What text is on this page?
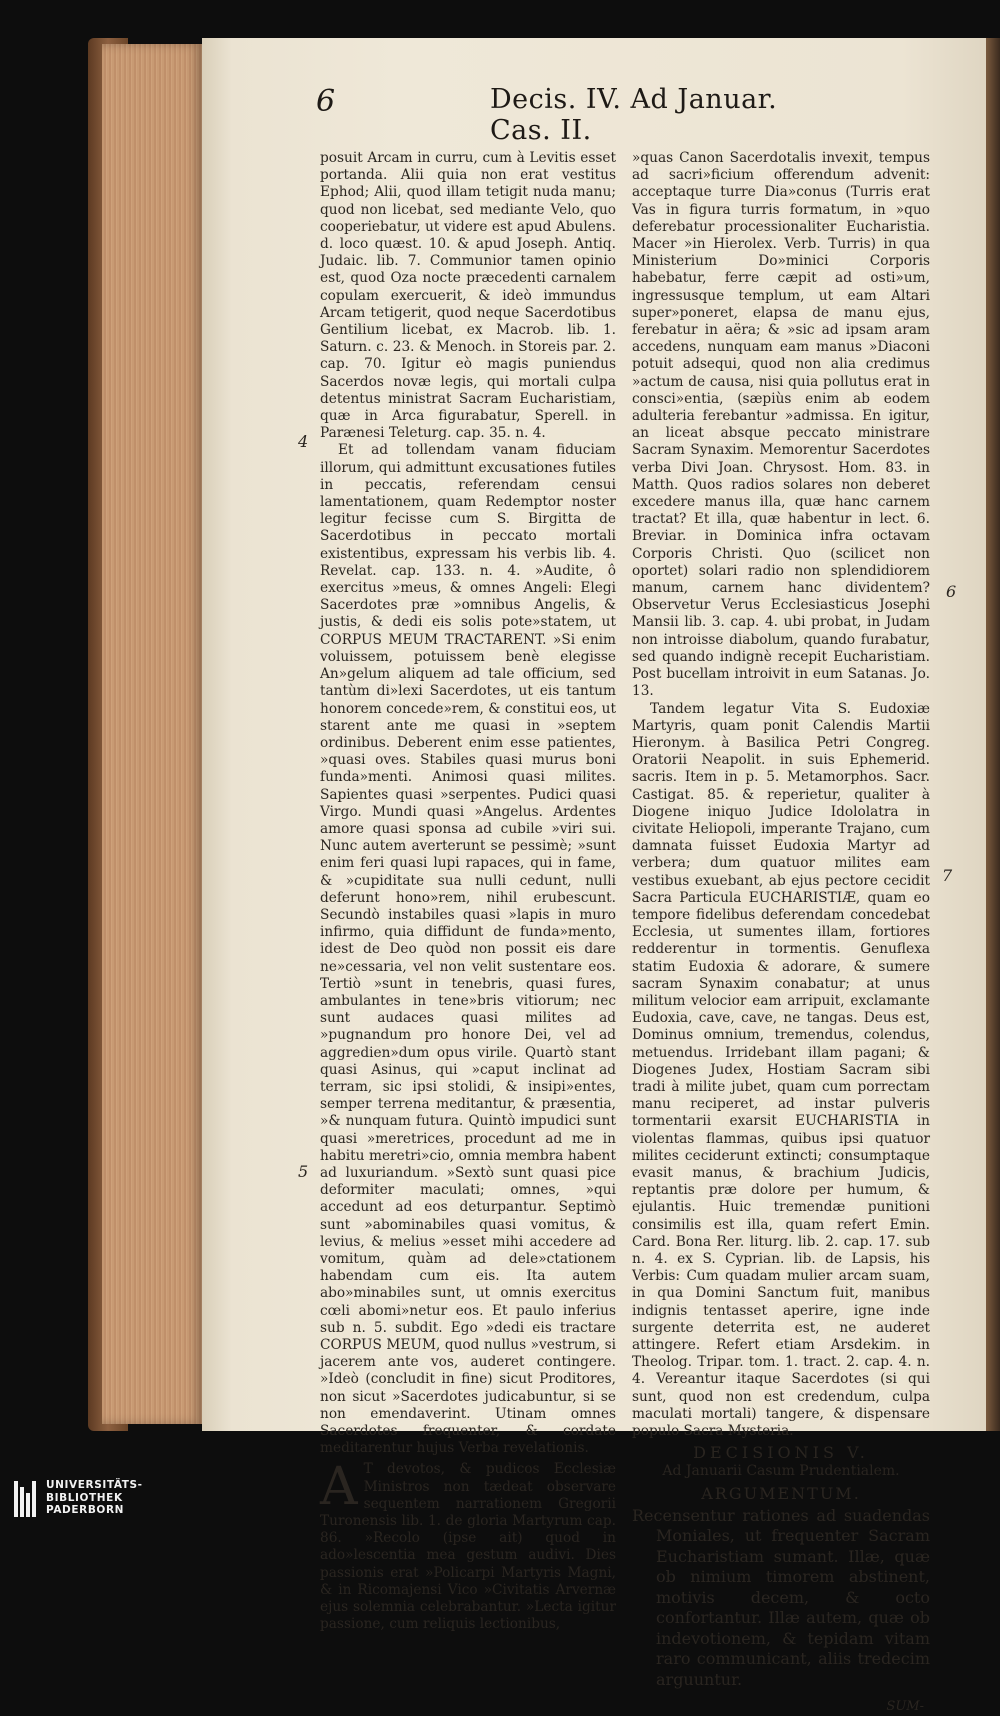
6	Decis. IV. Ad Januar. Cas. II.
4
5
6
7

posuit Arcam in curru, cum à Levitis esset portanda. Alii quia non erat vestitus Ephod; Alii, quod illam tetigit nuda manu; quod non licebat, sed mediante Velo, quo cooperiebatur, ut videre est apud Abulens. d. loco quæst. 10. & apud Joseph. Antiq. Judaic. lib. 7. Communior tamen opinio est, quod Oza nocte præcedenti carnalem copulam exercuerit, & ideò immundus Arcam tetigerit, quod neque Sacerdotibus Gentilium licebat, ex Macrob. lib. 1. Saturn. c. 23. & Menoch. in Storeis par. 2. cap. 70. Igitur eò magis puniendus Sacerdos novæ legis, qui mortali culpa detentus ministrat Sacram Eucharistiam, quæ in Arca figurabatur, Sperell. in Parænesi Teleturg. cap. 35. n. 4.

Et ad tollendam vanam fiduciam illorum, qui admittunt excusationes futiles in peccatis, referendam censui lamentationem, quam Redemptor noster legitur fecisse cum S. Birgitta de Sacerdotibus in peccato mortali existentibus, expressam his verbis lib. 4. Revelat. cap. 133. n. 4. »Audite, ô exercitus »meus, & omnes Angeli: Elegi Sacerdotes præ »omnibus Angelis, & justis, & dedi eis solis pote»statem, ut CORPUS MEUM TRACTARENT. »Si enim voluissem, potuissem benè elegisse An»gelum aliquem ad tale officium, sed tantùm di»lexi Sacerdotes, ut eis tantum honorem concede»rem, & constitui eos, ut starent ante me quasi in »septem ordinibus. Deberent enim esse patientes, »quasi oves. Stabiles quasi murus boni funda»menti. Animosi quasi milites. Sapientes quasi »serpentes. Pudici quasi Virgo. Mundi quasi »Angelus. Ardentes amore quasi sponsa ad cubile »viri sui. Nunc autem averterunt se pessimè; »sunt enim feri quasi lupi rapaces, qui in fame, & »cupiditate sua nulli cedunt, nulli deferunt hono»rem, nihil erubescunt. Secundò instabiles quasi »lapis in muro infirmo, quia diffidunt de funda»mento, idest de Deo quòd non possit eis dare ne»cessaria, vel non velit sustentare eos. Tertiò »sunt in tenebris, quasi fures, ambulantes in tene»bris vitiorum; nec sunt audaces quasi milites ad »pugnandum pro honore Dei, vel ad aggredien»dum opus virile. Quartò stant quasi Asinus, qui »caput inclinat ad terram, sic ipsi stolidi, & insipi»entes, semper terrena meditantur, & præsentia, »& nunquam futura. Quintò impudici sunt quasi »meretrices, procedunt ad me in habitu meretri»cio, omnia membra habent ad luxuriandum. »Sextò sunt quasi pice deformiter maculati; omnes, »qui accedunt ad eos deturpantur. Septimò sunt »abominabiles quasi vomitus, & levius, & melius »esset mihi accedere ad vomitum, quàm ad dele»ctationem habendam cum eis. Ita autem abo»minabiles sunt, ut omnis exercitus cœli abomi»netur eos. Et paulo inferius sub n. 5. subdit. Ego »dedi eis tractare CORPUS MEUM, quod nullus »vestrum, si jacerem ante vos, auderet contingere. »Ideò (concludit in fine) sicut Proditores, non sicut »Sacerdotes judicabuntur, si se non emendaverint. Utinam omnes Sacerdotes frequenter, & cordate meditarentur hujus Verba revelationis.

A T devotos, & pudicos Ecclesiæ Ministros non tædeat observare sequentem narrationem Gregorii Turonensis lib. 1. de gloria Martyrum cap. 86. »Recolo (ipse ait) quod in ado»lescentia mea gestum audivi. Dies passionis erat »Policarpi Martyris Magni, & in Ricomajensi Vico »Civitatis Arvernæ ejus solemnia celebrabantur. »Lecta igitur passione, cum reliquis lectionibus,

»quas Canon Sacerdotalis invexit, tempus ad sacri»ficium offerendum advenit: acceptaque turre Dia»conus (Turris erat Vas in figura turris formatum, in »quo deferebatur processionaliter Eucharistia. Macer »in Hierolex. Verb. Turris) in qua Ministerium Do»minici Corporis habebatur, ferre cæpit ad osti»um, ingressusque templum, ut eam Altari super»poneret, elapsa de manu ejus, ferebatur in aëra; & »sic ad ipsam aram accedens, nunquam eam manus »Diaconi potuit adsequi, quod non alia credimus »actum de causa, nisi quia pollutus erat in consci»entia, (sæpiùs enim ab eodem adulteria ferebantur »admissa. En igitur, an liceat absque peccato ministrare Sacram Synaxim. Memorentur Sacerdotes verba Divi Joan. Chrysost. Hom. 83. in Matth. Quos radios solares non deberet excedere manus illa, quæ hanc carnem tractat? Et illa, quæ habentur in lect. 6. Breviar. in Dominica infra octavam Corporis Christi. Quo (scilicet non oportet) solari radio non splendidiorem manum, carnem hanc dividentem? Observetur Verus Ecclesiasticus Josephi Mansii lib. 3. cap. 4. ubi probat, in Judam non introisse diabolum, quando furabatur, sed quando indignè recepit Eucharistiam. Post bucellam introivit in eum Satanas. Jo. 13.

Tandem legatur Vita S. Eudoxiæ Martyris, quam ponit Calendis Martii Hieronym. à Basilica Petri Congreg. Oratorii Neapolit. in suis Ephemerid. sacris. Item in p. 5. Metamorphos. Sacr. Castigat. 85. & reperietur, qualiter à Diogene iniquo Judice Idololatra in civitate Heliopoli, imperante Trajano, cum damnata fuisset Eudoxia Martyr ad verbera; dum quatuor milites eam vestibus exuebant, ab ejus pectore cecidit Sacra Particula EUCHARISTIÆ, quam eo tempore fidelibus deferendam concedebat Ecclesia, ut sumentes illam, fortiores redderentur in tormentis. Genuflexa statim Eudoxia & adorare, & sumere sacram Synaxim conabatur; at unus militum velocior eam arripuit, exclamante Eudoxia, cave, cave, ne tangas. Deus est, Dominus omnium, tremendus, colendus, metuendus. Irridebant illam pagani; & Diogenes Judex, Hostiam Sacram sibi tradi à milite jubet, quam cum porrectam manu reciperet, ad instar pulveris tormentarii exarsit EUCHARISTIA in violentas flammas, quibus ipsi quatuor milites ceciderunt extincti; consumptaque evasit manus, & brachium Judicis, reptantis præ dolore per humum, & ejulantis. Huic tremendæ punitioni consimilis est illa, quam refert Emin. Card. Bona Rer. liturg. lib. 2. cap. 17. sub n. 4. ex S. Cyprian. lib. de Lapsis, his Verbis: Cum quadam mulier arcam suam, in qua Domini Sanctum fuit, manibus indignis tentasset aperire, igne inde surgente deterrita est, ne auderet attingere. Refert etiam Arsdekim. in Theolog. Tripar. tom. 1. tract. 2. cap. 4. n. 4. Vereantur itaque Sacerdotes (si qui sunt, quod non est credendum, culpa maculati mortali) tangere, & dispensare populo Sacra Mysteria.

DECISIONIS V.

Ad Januarii Casum Prudentialem.

ARGUMENTUM.

Recensentur rationes ad suadendas Moniales, ut frequenter Sacram Eucharistiam sumant. Illæ, quæ ob nimium timorem abstinent, motivis decem, & octo confortantur. Illæ autem, quæ ob indevotionem, & tepidam vitam raro communicant, aliis tredecim arguuntur.

SUM-

UNIVERSITÄTS-
BIBLIOTHEK
PADERBORN
